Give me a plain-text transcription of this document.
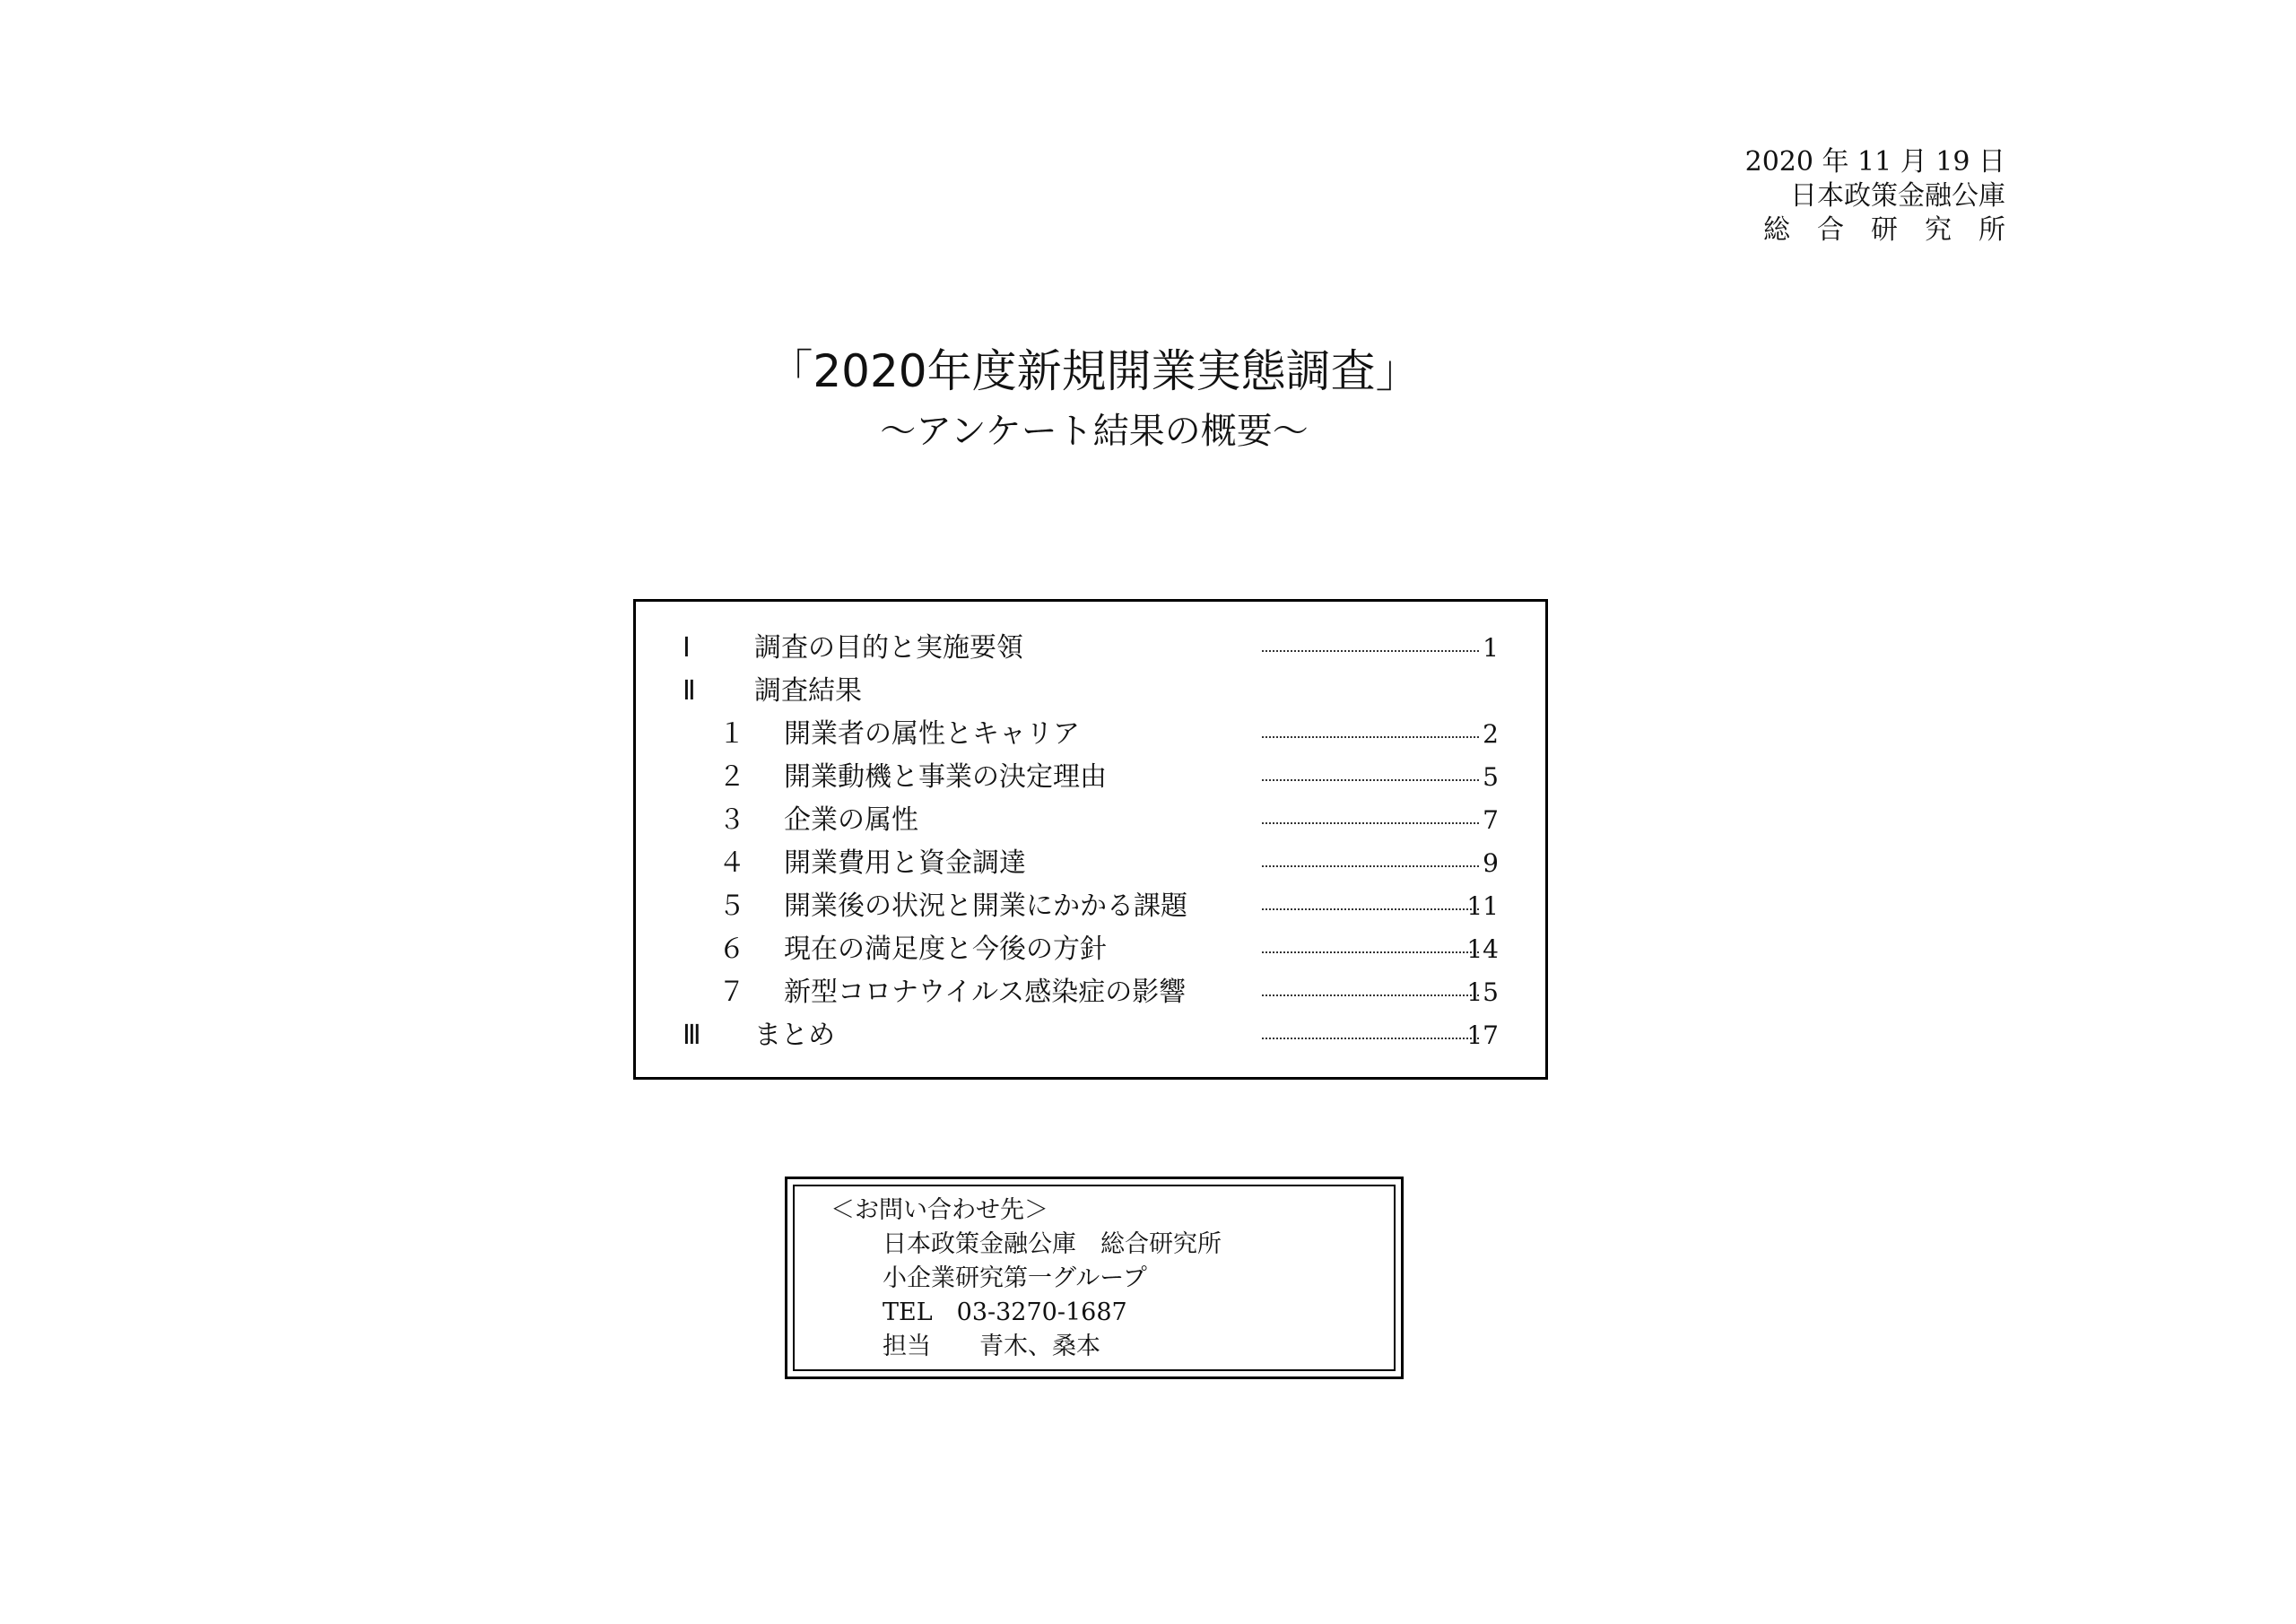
2020 年 11 月 19 日
日本政策金融公庫
総　合　研　究　所
「2020年度新規開業実態調査」
～アンケート結果の概要～
Ⅰ 調査の目的と実施要領	1
Ⅱ 調査結果
１ 開業者の属性とキャリア	2
２ 開業動機と事業の決定理由	5
３ 企業の属性	7
４ 開業費用と資金調達	9
５ 開業後の状況と開業にかかる課題	11
６ 現在の満足度と今後の方針	14
７ 新型コロナウイルス感染症の影響	15
Ⅲ まとめ	17
＜お問い合わせ先＞
日本政策金融公庫　総合研究所
小企業研究第一グループ
TEL　03-3270-1687
担当　　青木、桑本
